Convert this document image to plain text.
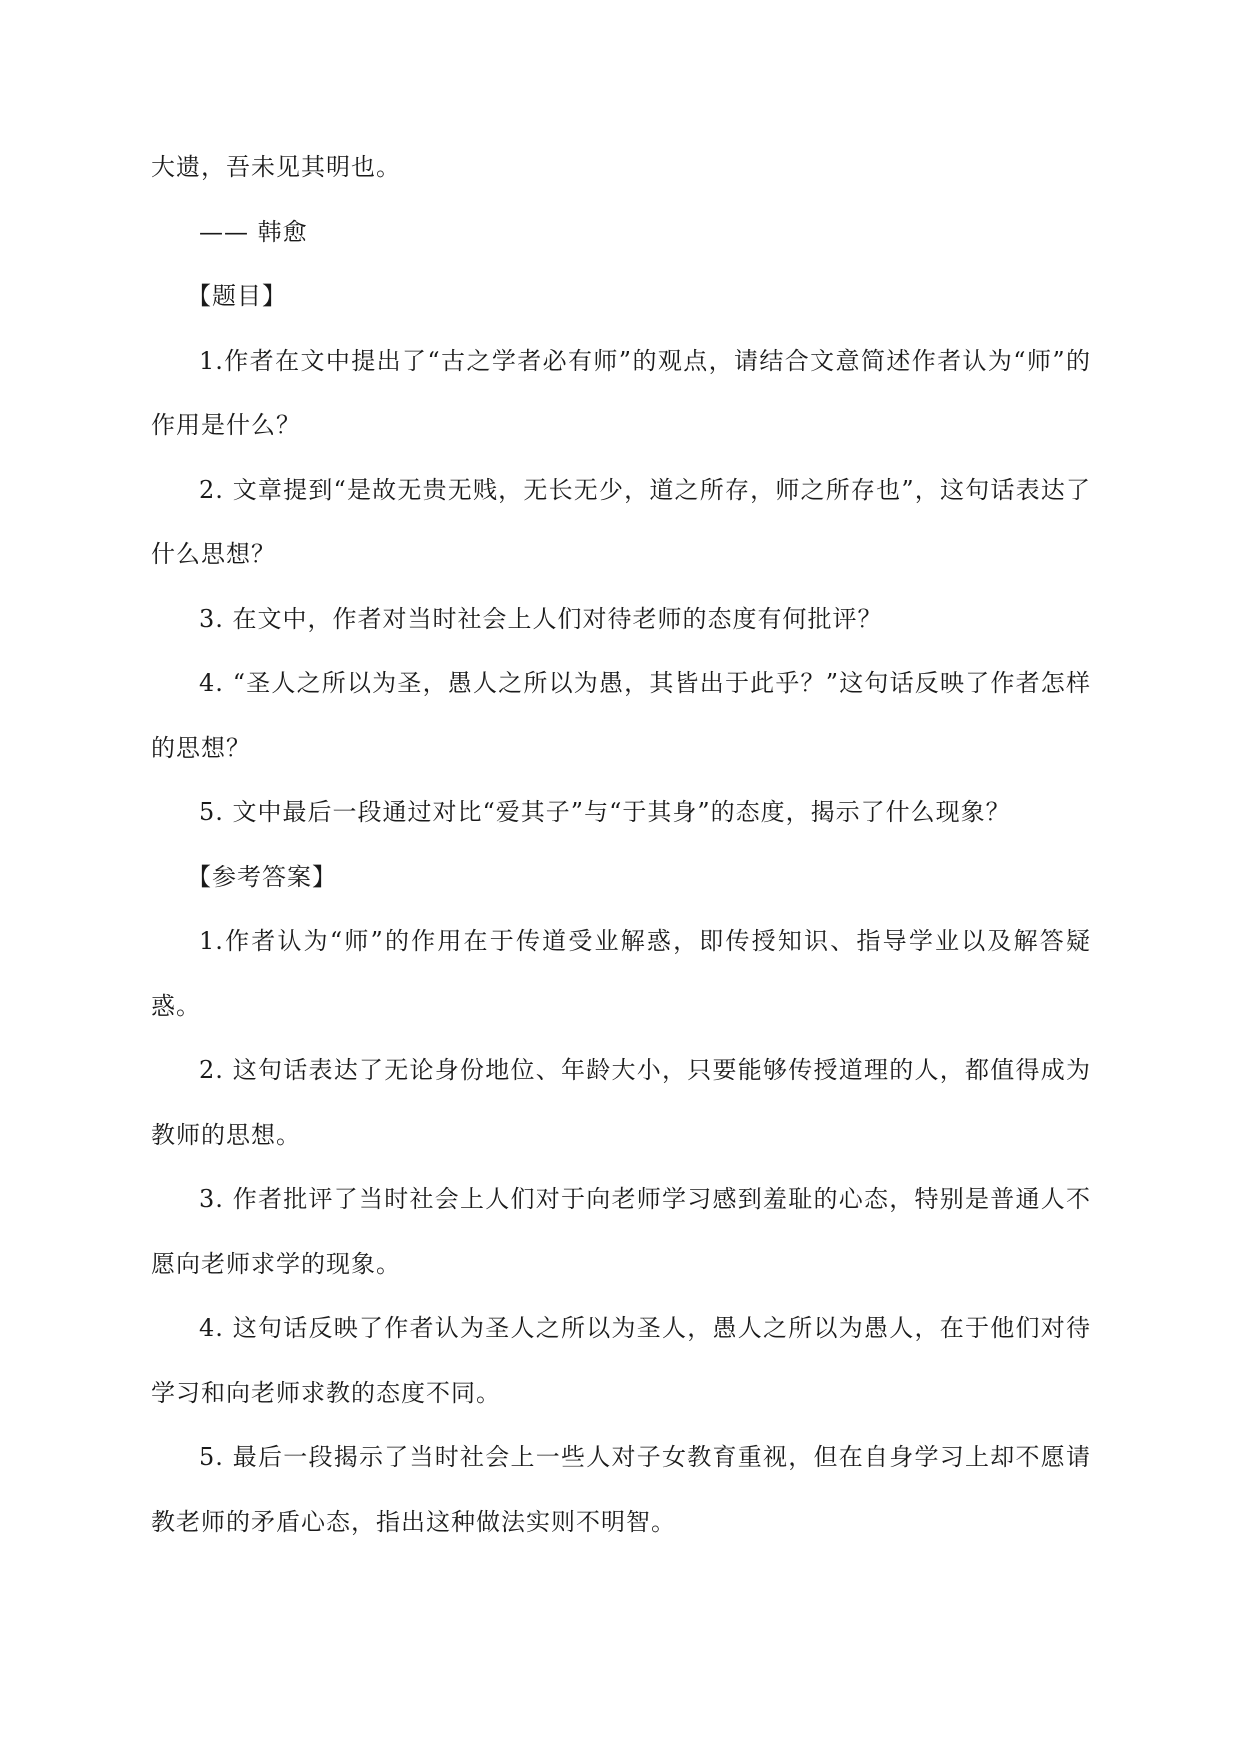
大遗，吾未见其明也。

—— 韩愈

【题目】

1.作者在文中提出了“古之学者必有师”的观点，请结合文意简述作者认为“师”的作用是什么？

2. 文章提到“是故无贵无贱，无长无少，道之所存，师之所存也”，这句话表达了什么思想？

3. 在文中，作者对当时社会上人们对待老师的态度有何批评？

4. “圣人之所以为圣，愚人之所以为愚，其皆出于此乎？”这句话反映了作者怎样的思想？

5. 文中最后一段通过对比“爱其子”与“于其身”的态度，揭示了什么现象？

【参考答案】

1.作者认为“师”的作用在于传道受业解惑，即传授知识、指导学业以及解答疑惑。

2. 这句话表达了无论身份地位、年龄大小，只要能够传授道理的人，都值得成为教师的思想。

3. 作者批评了当时社会上人们对于向老师学习感到羞耻的心态，特别是普通人不愿向老师求学的现象。

4. 这句话反映了作者认为圣人之所以为圣人，愚人之所以为愚人，在于他们对待学习和向老师求教的态度不同。

5. 最后一段揭示了当时社会上一些人对子女教育重视，但在自身学习上却不愿请教老师的矛盾心态，指出这种做法实则不明智。
